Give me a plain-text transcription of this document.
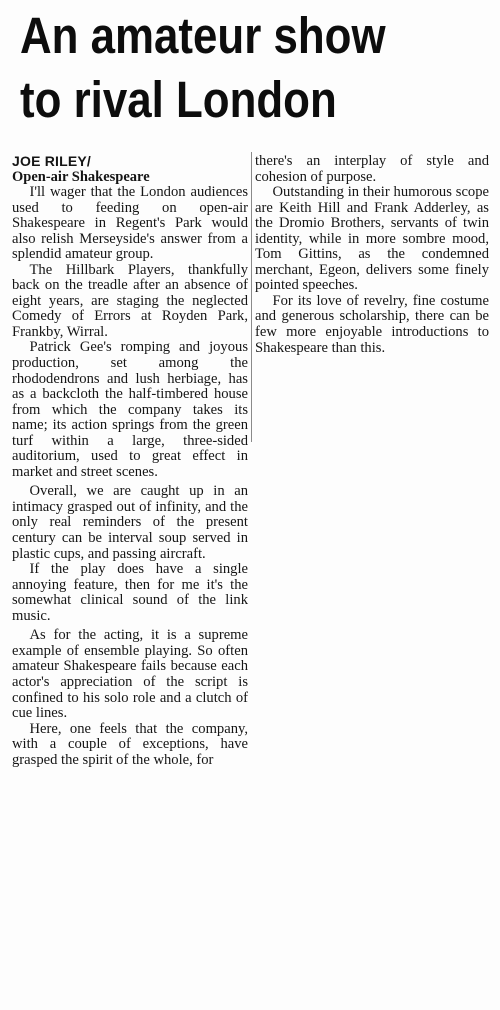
An amateur show
to rival London
JOE RILEY/
Open-air Shakespeare

I'll wager that the London audiences used to feeding on open-air Shakespeare in Regent's Park would also relish Merseyside's answer from a splendid amateur group.

The Hillbark Players, thankfully back on the treadle after an absence of eight years, are staging the neglected Comedy of Errors at Royden Park, Frankby, Wirral.

Patrick Gee's romping and joyous production, set among the rhododendrons and lush herbiage, has as a backcloth the half-timbered house from which the company takes its name; its action springs from the green turf within a large, three-sided auditorium, used to great effect in market and street scenes.

Overall, we are caught up in an intimacy grasped out of infinity, and the only real reminders of the present century can be interval soup served in plastic cups, and passing aircraft.

If the play does have a single annoying feature, then for me it's the somewhat clinical sound of the link music.

As for the acting, it is a supreme example of ensemble playing. So often amateur Shakespeare fails because each actor's appreciation of the script is confined to his solo role and a clutch of cue lines.

Here, one feels that the company, with a couple of exceptions, have grasped the spirit of the whole, for

there's an interplay of style and cohesion of purpose.

Outstanding in their humorous scope are Keith Hill and Frank Adderley, as the Dromio Brothers, servants of twin identity, while in more sombre mood, Tom Gittins, as the condemned merchant, Egeon, delivers some finely pointed speeches.

For its love of revelry, fine costume and generous scholarship, there can be few more enjoyable introductions to Shakespeare than this.
